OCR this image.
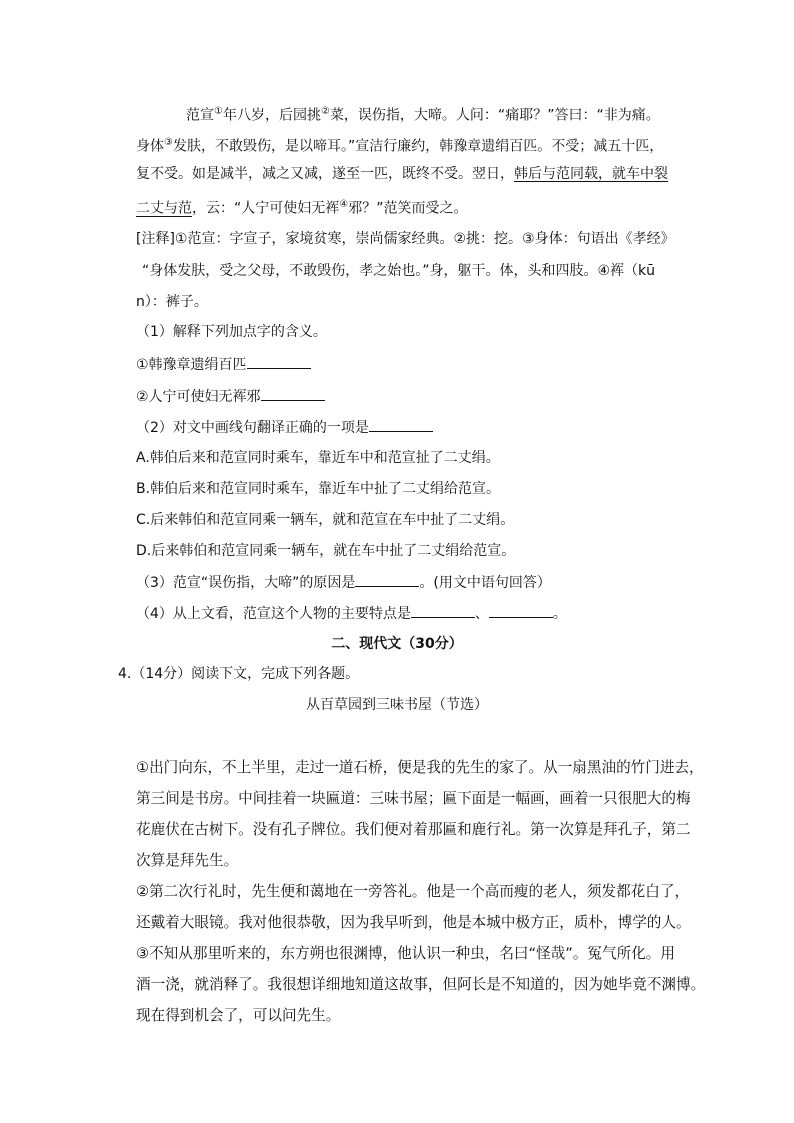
范宣①年八岁，后园挑②菜，误伤指，大啼。人问：“痛耶？”答曰：“非为痛。
身体③发肤，不敢毁伤，是以啼耳。”宣洁行廉约，韩豫章遗绢百匹。不受；减五十匹，
复不受。如是减半，减之又减，遂至一匹，既终不受。翌日，韩后与范同载，就车中裂
二丈与范，云：“人宁可使妇无裈④邪？”范笑而受之。
[注释]①范宣：字宣子，家境贫寒，崇尚儒家经典。②挑：挖。③身体：句语出《孝经》
“身体发肤，受之父母，不敢毁伤，孝之始也。”身，躯干。体，头和四肢。④裈（kū
n）：裤子。
（1）解释下列加点字的含义。
①韩豫章遗绢百匹
②人宁可使妇无裈邪
（2）对文中画线句翻译正确的一项是
A.韩伯后来和范宣同时乘车，靠近车中和范宣扯了二丈绢。
B.韩伯后来和范宣同时乘车，靠近车中扯了二丈绢给范宣。
C.后来韩伯和范宣同乘一辆车，就和范宣在车中扯了二丈绢。
D.后来韩伯和范宣同乘一辆车，就在车中扯了二丈绢给范宣。
（3）范宣“误伤指，大啼”的原因是	。(用文中语句回答）
（4）从上文看，范宣这个人物的主要特点是	、	。
二、现代文（30分）
4.（14分）阅读下文，完成下列各题。
从百草园到三味书屋（节选）
①出门向东，不上半里，走过一道石桥，便是我的先生的家了。从一扇黑油的竹门进去，
第三间是书房。中间挂着一块匾道：三味书屋；匾下面是一幅画，画着一只很肥大的梅
花鹿伏在古树下。没有孔子牌位。我们便对着那匾和鹿行礼。第一次算是拜孔子，第二
次算是拜先生。
②第二次行礼时，先生便和蔼地在一旁答礼。他是一个高而瘦的老人，须发都花白了，
还戴着大眼镜。我对他很恭敬，因为我早听到，他是本城中极方正，质朴，博学的人。
③不知从那里听来的，东方朔也很渊博，他认识一种虫，名曰“怪哉”。冤气所化。用
酒一浇，就消释了。我很想详细地知道这故事，但阿长是不知道的，因为她毕竟不渊博。
现在得到机会了，可以问先生。
